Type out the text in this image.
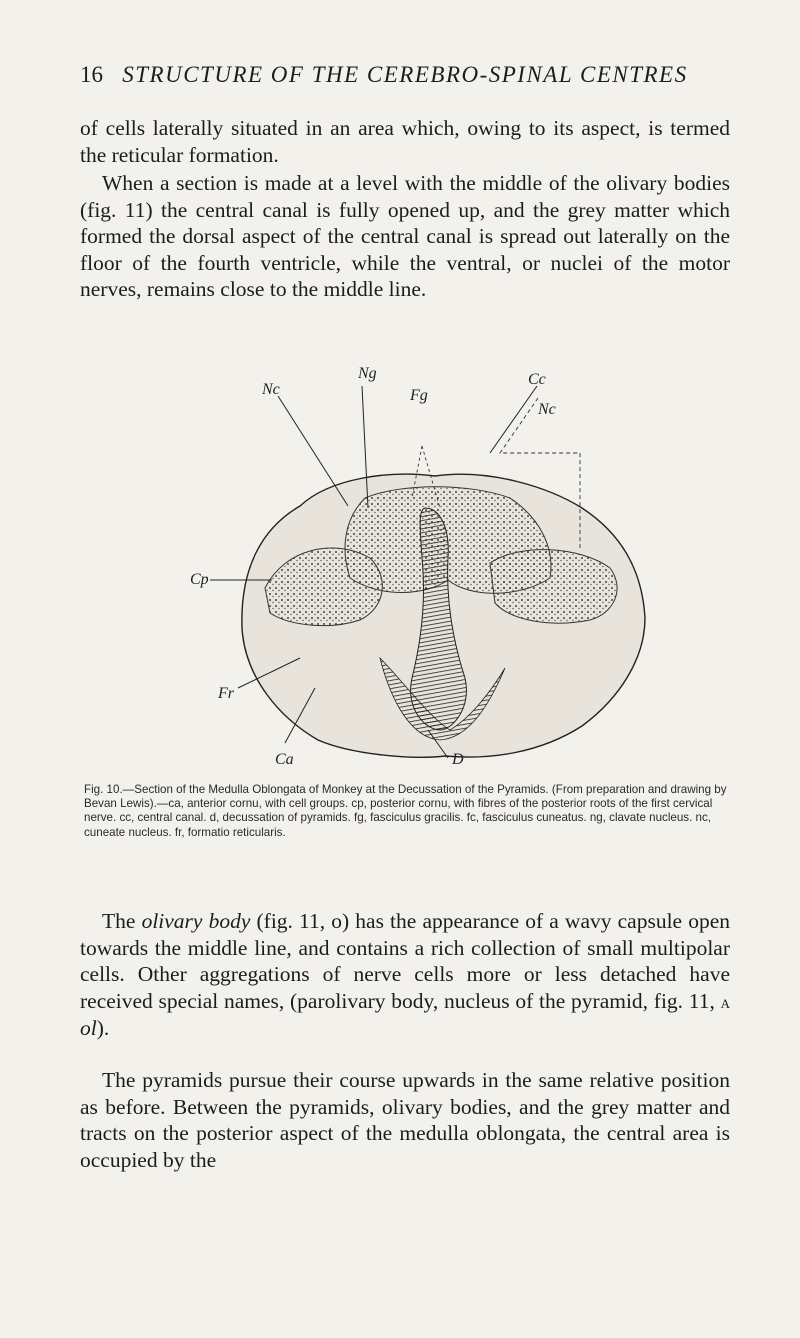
16 STRUCTURE OF THE CEREBRO-SPINAL CENTRES

of cells laterally situated in an area which, owing to its aspect, is termed the reticular formation.

When a section is made at a level with the middle of the olivary bodies (fig. 11) the central canal is fully opened up, and the grey matter which formed the dorsal aspect of the central canal is spread out laterally on the floor of the fourth ventricle, while the ventral, or nuclei of the motor nerves, remains close to the middle line.

Ng
Nc	Fg
Cc
Nc
Cp
Fr
Ca	D

Fig. 10.—Section of the Medulla Oblongata of Monkey at the Decussation of the Pyramids. (From preparation and drawing by Bevan Lewis).—ca, anterior cornu, with cell groups. cp, posterior cornu, with fibres of the posterior roots of the first cervical nerve. cc, central canal. d, decussation of pyramids. fg, fasciculus gracilis. fc, fasciculus cuneatus. ng, clavate nucleus. nc, cuneate nucleus. fr, formatio reticularis.

The olivary body (fig. 11, o) has the appearance of a wavy capsule open towards the middle line, and contains a rich collection of small multipolar cells. Other aggregations of nerve cells more or less detached have received special names, (parolivary body, nucleus of the pyramid, fig. 11, a ol).

The pyramids pursue their course upwards in the same relative position as before. Between the pyramids, olivary bodies, and the grey matter and tracts on the posterior aspect of the medulla oblongata, the central area is occupied by the
